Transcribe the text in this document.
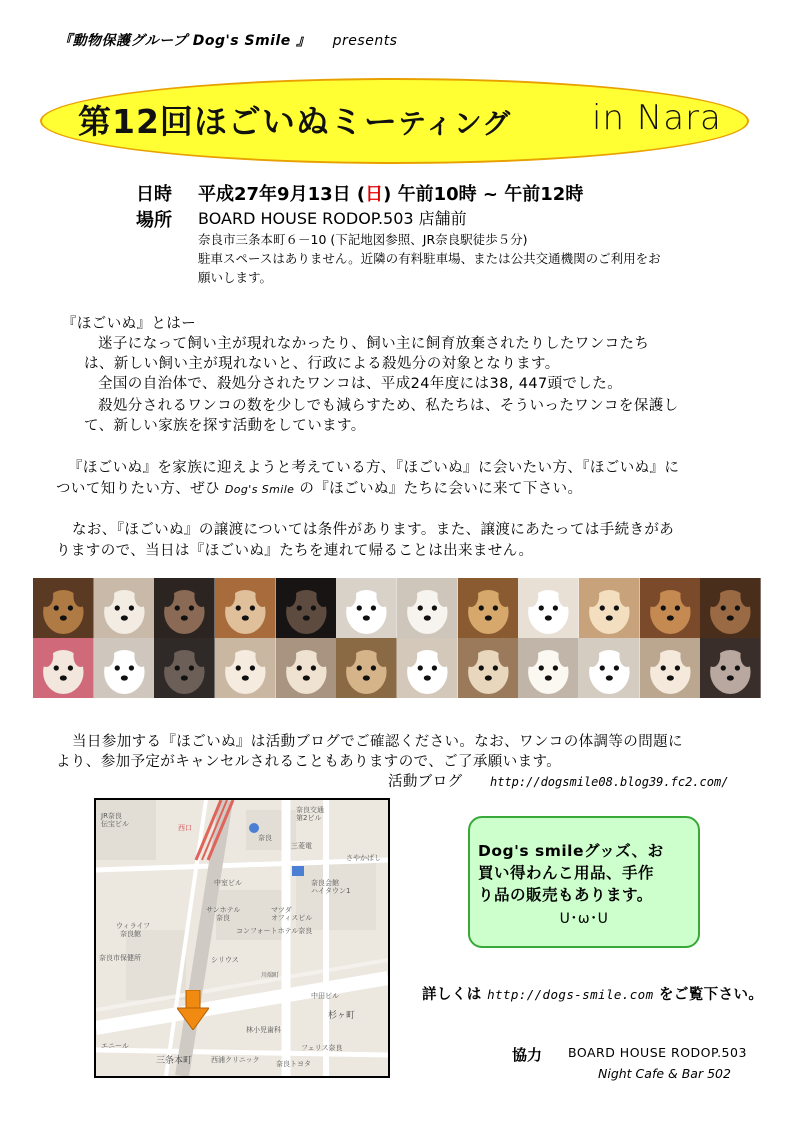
『動物保護グループ Dog's Smile 』 presents
第12回ほごいぬミーティング in Nara
日時 平成27年9月13日 (日) 午前10時 ~ 午前12時
場所 BOARD HOUSE RODOP.503 店舗前
奈良市三条本町６－10 (下記地図参照、JR奈良駅徒歩５分)
駐車スペースはありません。近隣の有料駐車場、または公共交通機関のご利用をお
願いします。
『ほごいぬ』とはー
迷子になって飼い主が現れなかったり、飼い主に飼育放棄されたりしたワンコたち
は、新しい飼い主が現れないと、行政による殺処分の対象となります。
全国の自治体で、殺処分されたワンコは、平成24年度には38, 447頭でした。
殺処分されるワンコの数を少しでも減らすため、私たちは、そういったワンコを保護し
て、新しい家族を探す活動をしています。
『ほごいぬ』を家族に迎えようと考えている方、『ほごいぬ』に会いたい方、『ほごいぬ』に
ついて知りたい方、ぜひ Dog's Smile の『ほごいぬ』たちに会いに来て下さい。
なお、『ほごいぬ』の譲渡については条件があります。また、譲渡にあたっては手続きがあ
りますので、当日は『ほごいぬ』たちを連れて帰ることは出来ません。
当日参加する『ほごいぬ』は活動ブログでご確認ください。なお、ワンコの体調等の問題に
より、参加予定がキャンセルされることもありますので、ご了承願います。
活動ブログ http://dogsmile08.blog39.fc2.com/
JR奈良
伝宝ビル	西口
奈良
三菱電
奈良交通
第2ビル
さやかばし
奈良会館
ハイタウン1
中室ビル
サンホテル
奈良
マツダ
オフィスビル
コンフォートホテル奈良
ウィライフ
奈良館
奈良市保健所	シリウス
中田ビル
川端町
杉ヶ町
林小児歯科
三条本町	西浦クリニック
フェリス奈良
奈良トヨタ
エニール
Dog's smileグッズ、お
買い得わんこ用品、手作
り品の販売もあります。
U･ω･U
詳しくは http://dogs-smile.com をご覧下さい。
協力 BOARD HOUSE RODOP.503
Night Cafe & Bar 502
